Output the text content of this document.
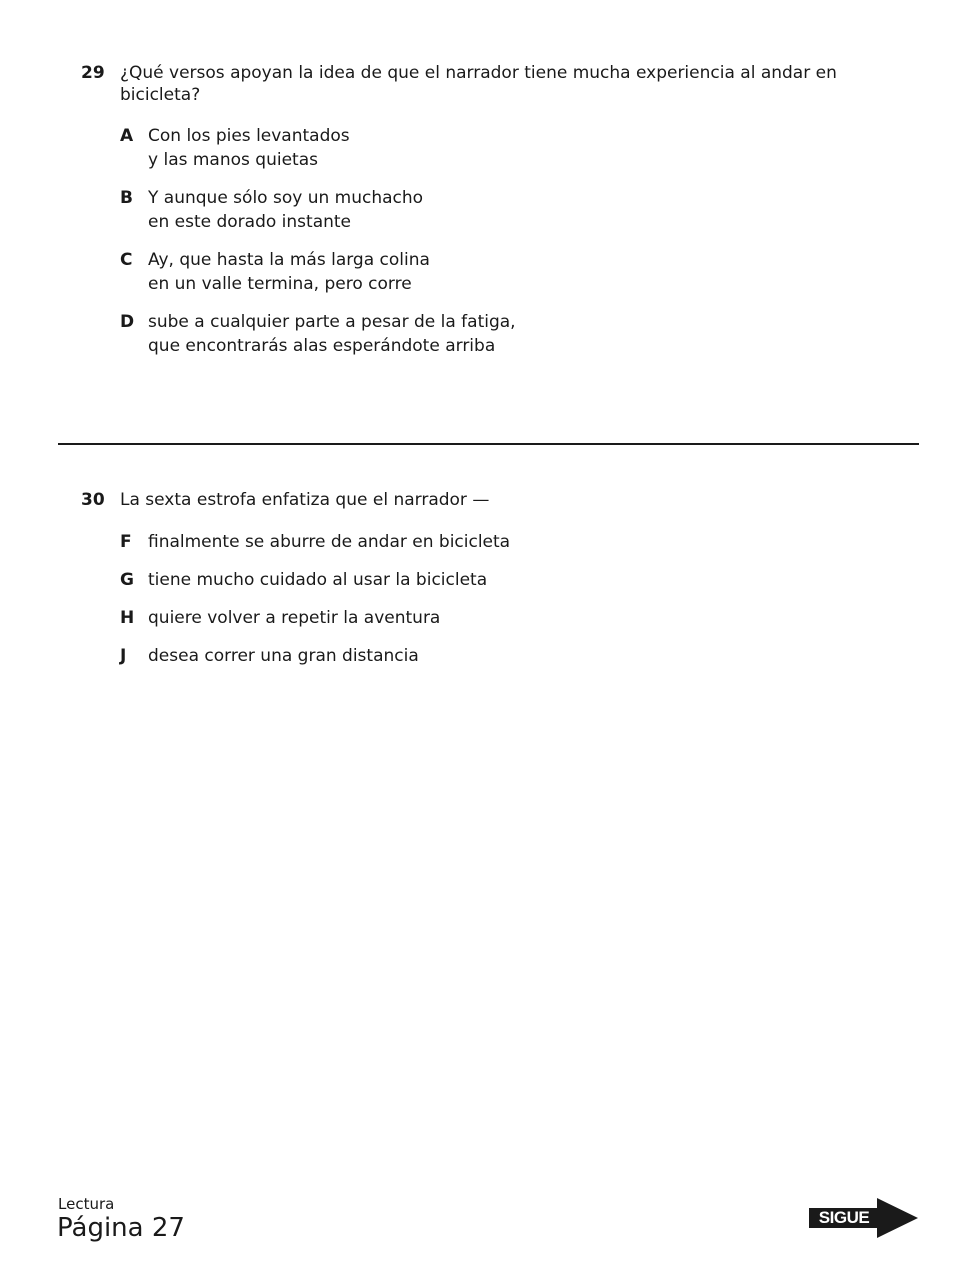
29 ¿Qué versos apoyan la idea de que el narrador tiene mucha experiencia al andar en
bicicleta?
A Con los pies levantados
y las manos quietas
B Y aunque sólo soy un muchacho
en este dorado instante
C Ay, que hasta la más larga colina
en un valle termina, pero corre
D sube a cualquier parte a pesar de la fatiga,
que encontrarás alas esperándote arriba
30 La sexta estrofa enfatiza que el narrador —
F finalmente se aburre de andar en bicicleta
G tiene mucho cuidado al usar la bicicleta
H quiere volver a repetir la aventura
J desea correr una gran distancia
Lectura
Página 27	SIGUE
